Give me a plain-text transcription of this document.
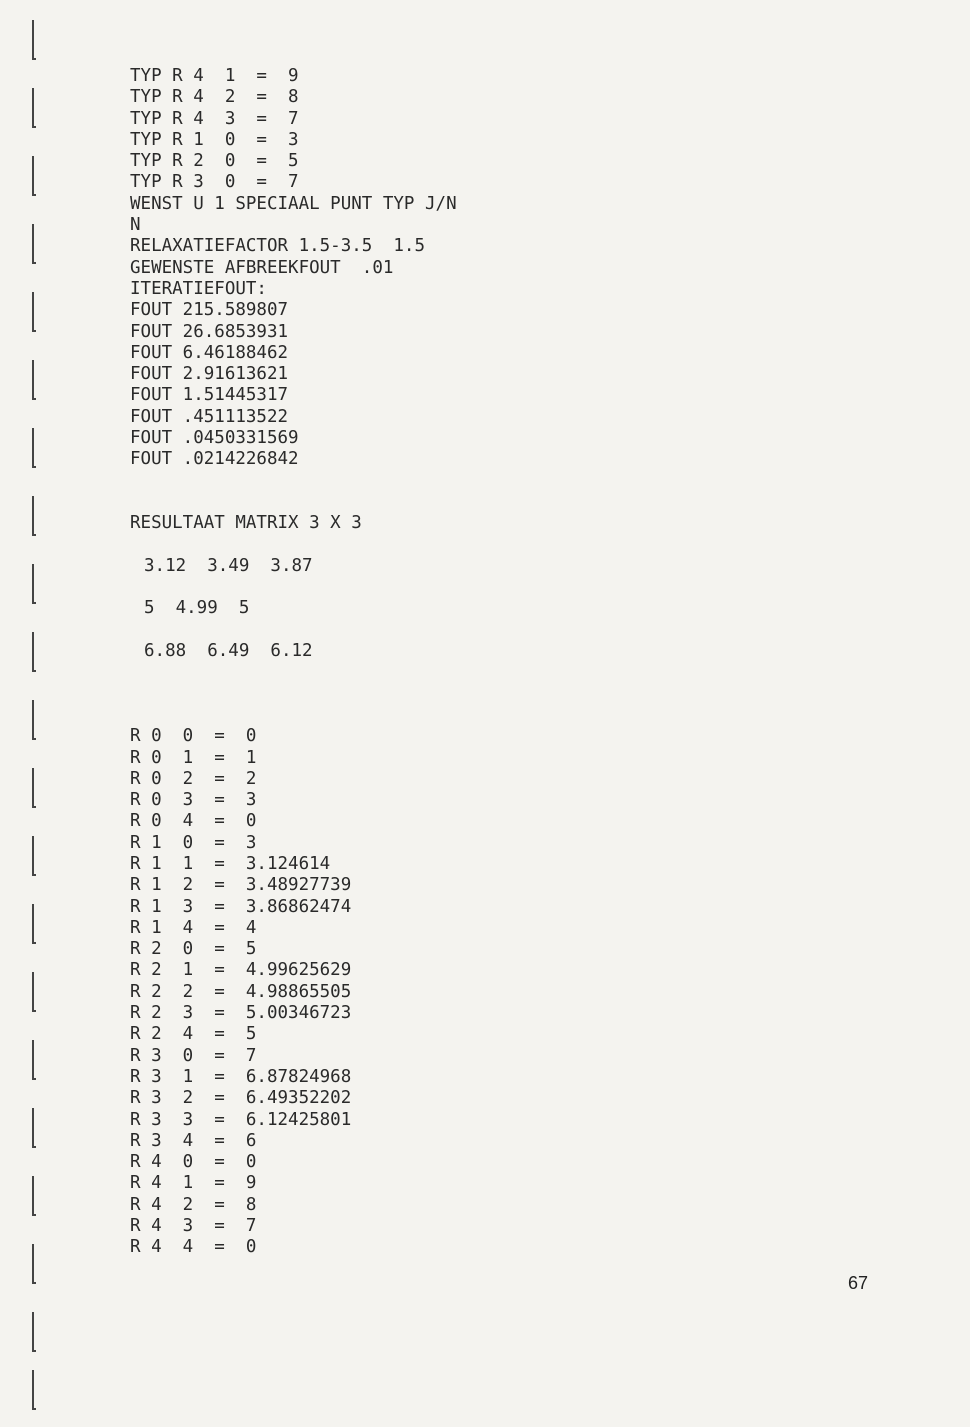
TYP R 4  1  =  9
TYP R 4  2  =  8
TYP R 4  3  =  7
TYP R 1  0  =  3
TYP R 2  0  =  5
TYP R 3  0  =  7
WENST U 1 SPECIAAL PUNT TYP J/N
N
RELAXATIEFACTOR 1.5-3.5  1.5
GEWENSTE AFBREEKFOUT  .01
ITERATIEFOUT:
FOUT 215.589807
FOUT 26.6853931
FOUT 6.46188462
FOUT 2.91613621
FOUT 1.51445317
FOUT .451113522
FOUT .0450331569
FOUT .0214226842
RESULTAAT MATRIX 3 X 3
3.12  3.49  3.87
5  4.99  5
6.88  6.49  6.12
R 0  0  =  0
R 0  1  =  1
R 0  2  =  2
R 0  3  =  3
R 0  4  =  0
R 1  0  =  3
R 1  1  =  3.124614
R 1  2  =  3.48927739
R 1  3  =  3.86862474
R 1  4  =  4
R 2  0  =  5
R 2  1  =  4.99625629
R 2  2  =  4.98865505
R 2  3  =  5.00346723
R 2  4  =  5
R 3  0  =  7
R 3  1  =  6.87824968
R 3  2  =  6.49352202
R 3  3  =  6.12425801
R 3  4  =  6
R 4  0  =  0
R 4  1  =  9
R 4  2  =  8
R 4  3  =  7
R 4  4  =  0
67
